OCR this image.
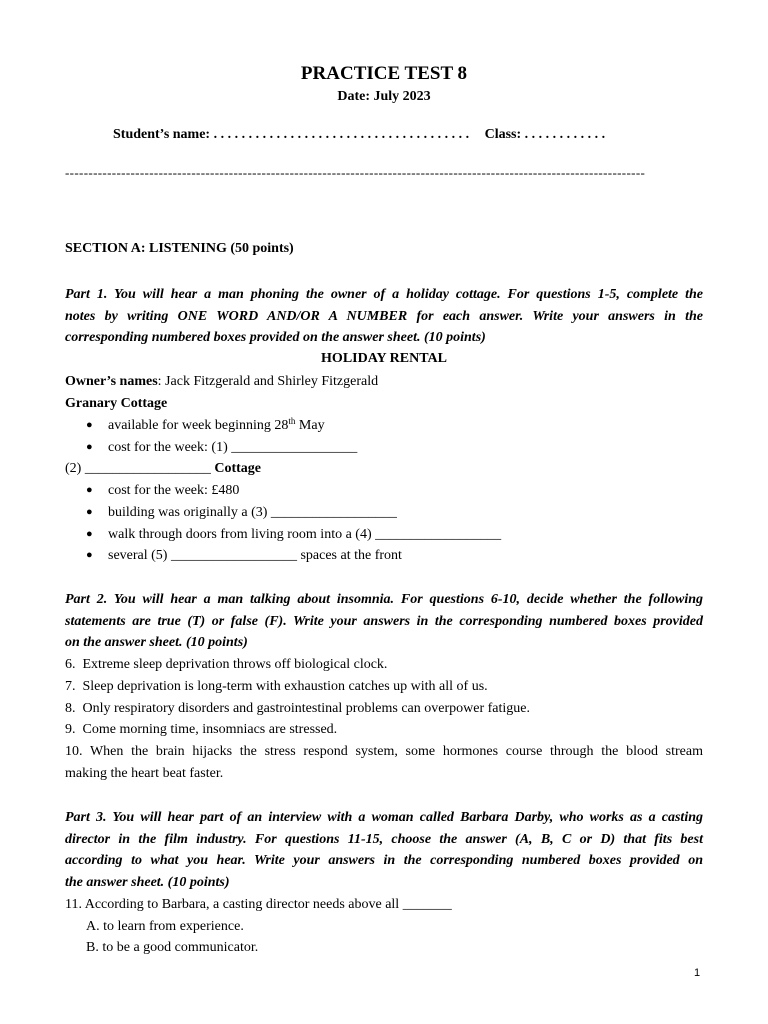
PRACTICE TEST 8
Date: July 2023
Student’s name: . . . . . . . . . . . . . . . . . . . . . . . . . . . . . . . . . . . . . Class: . . . . . . . . . . . .
----------------------------------------------------------------------------------------------------------------------------
SECTION A: LISTENING (50 points)
Part 1. You will hear a man phoning the owner of a holiday cottage. For questions 1-5, complete the
notes by writing ONE WORD AND/OR A NUMBER for each answer. Write your answers in the
corresponding numbered boxes provided on the answer sheet. (10 points)
HOLIDAY RENTAL
Owner’s names: Jack Fitzgerald and Shirley Fitzgerald
Granary Cottage
● available for week beginning 28th May
● cost for the week: (1) __________________
(2) __________________ Cottage
● cost for the week: £480
● building was originally a (3) __________________
● walk through doors from living room into a (4) __________________
● several (5) __________________ spaces at the front
Part 2. You will hear a man talking about insomnia. For questions 6-10, decide whether the following
statements are true (T) or false (F). Write your answers in the corresponding numbered boxes provided
on the answer sheet. (10 points)
6.  Extreme sleep deprivation throws off biological clock.
7.  Sleep deprivation is long-term with exhaustion catches up with all of us.
8.  Only respiratory disorders and gastrointestinal problems can overpower fatigue.
9.  Come morning time, insomniacs are stressed.
10. When the brain hijacks the stress respond system, some hormones course through the blood stream
making the heart beat faster.
Part 3. You will hear part of an interview with a woman called Barbara Darby, who works as a casting
director in the film industry. For questions 11-15, choose the answer (A, B, C or D) that fits best
according to what you hear. Write your answers in the corresponding numbered boxes provided on
the answer sheet. (10 points)
11. According to Barbara, a casting director needs above all _______
A. to learn from experience.
B. to be a good communicator.
1
